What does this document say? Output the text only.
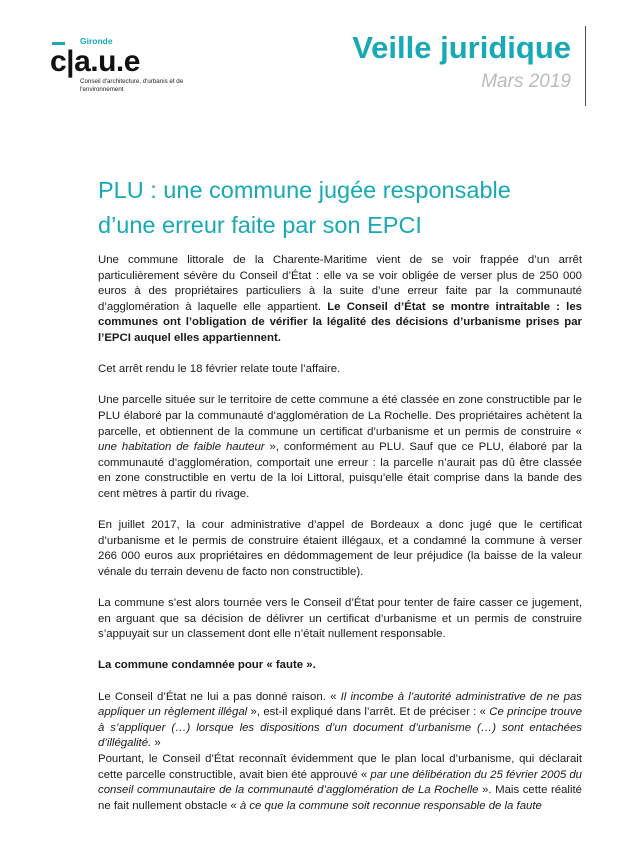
Gironde
c|a.u.e
Conseil d'architecture, d'urbanis et de l'environnement
Veille juridique
Mars 2019
PLU : une commune jugée responsable
d’une erreur faite par son EPCI

Une commune littorale de la Charente-Maritime vient de se voir frappée d’un arrêt particulièrement sévère du Conseil d’État : elle va se voir obligée de verser plus de 250 000 euros à des propriétaires particuliers à la suite d’une erreur faite par la communauté d’agglomération à laquelle elle appartient. Le Conseil d’État se montre intraitable : les communes ont l’obligation de vérifier la légalité des décisions d’urbanisme prises par l’EPCI auquel elles appartiennent.

Cet arrêt rendu le 18 février relate toute l’affaire.

Une parcelle située sur le territoire de cette commune a été classée en zone constructible par le PLU élaboré par la communauté d’agglomération de La Rochelle. Des propriétaires achètent la parcelle, et obtiennent de la commune un certificat d’urbanisme et un permis de construire « une habitation de faible hauteur », conformément au PLU. Sauf que ce PLU, élaboré par la communauté d’agglomération, comportait une erreur : la parcelle n’aurait pas dû être classée en zone constructible en vertu de la loi Littoral, puisqu’elle était comprise dans la bande des cent mètres à partir du rivage.

En juillet 2017, la cour administrative d’appel de Bordeaux a donc jugé que le certificat d’urbanisme et le permis de construire étaient illégaux, et a condamné la commune à verser 266 000 euros aux propriétaires en dédommagement de leur préjudice (la baisse de la valeur vénale du terrain devenu de facto non constructible).

La commune s’est alors tournée vers le Conseil d’État pour tenter de faire casser ce jugement, en arguant que sa décision de délivrer un certificat d’urbanisme et un permis de construire s’appuyait sur un classement dont elle n’était nullement responsable.

La commune condamnée pour « faute ».

Le Conseil d’État ne lui a pas donné raison. « Il incombe à l’autorité administrative de ne pas appliquer un règlement illégal », est-il expliqué dans l’arrêt. Et de préciser : « Ce principe trouve à s’appliquer (…) lorsque les dispositions d’un document d’urbanisme (…) sont entachées d’illégalité. »

Pourtant, le Conseil d’État reconnaît évidemment que le plan local d’urbanisme, qui déclarait cette parcelle constructible, avait bien été approuvé « par une délibération du 25 février 2005 du conseil communautaire de la communauté d’agglomération de La Rochelle ». Mais cette réalité ne fait nullement obstacle « à ce que la commune soit reconnue responsable de la faute
